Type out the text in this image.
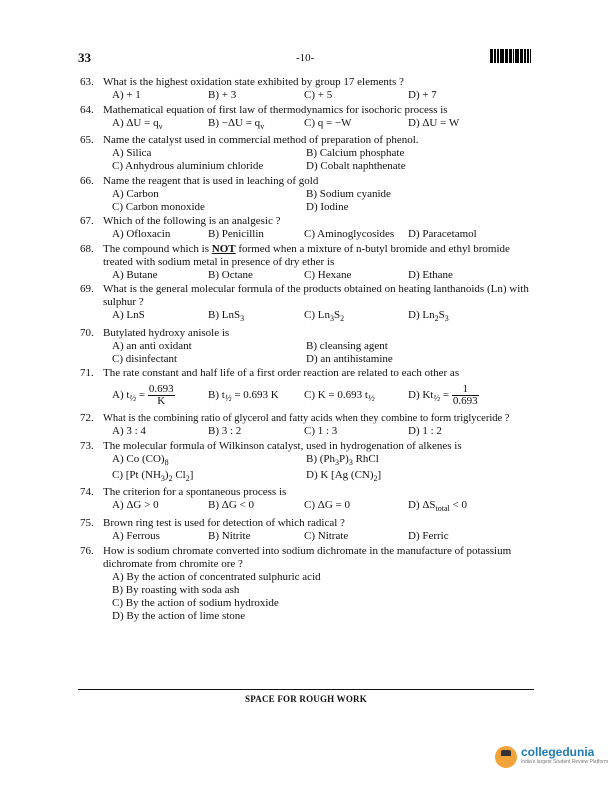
33	-10-
63. What is the highest oxidation state exhibited by group 17 elements ?
A) + 1	B) + 3	C) + 5	D) + 7
64. Mathematical equation of first law of thermodynamics for isochoric process is
A) $\Delta U = q_v$	$B) -\Delta U = q_v$	C) q = −W	D) ΔU = W
65. Name the catalyst used in commercial method of preparation of phenol.
A) Silica	B) Calcium phosphate
C) Anhydrous aluminium chloride	D) Cobalt naphthenate
66. Name the reagent that is used in leaching of gold
A) Carbon	B) Sodium cyanide
C) Carbon monoxide	D) Iodine
67. Which of the following is an analgesic ?
A) Ofloxacin	B) Penicillin	C) Aminoglycosides	D) Paracetamol
68. The compound which is NOT formed when a mixture of n-butyl bromide and ethyl bromide treated with sodium metal in presence of dry ether is
A) Butane	B) Octane	C) Hexane	D) Ethane
69. What is the general molecular formula of the products obtained on heating lanthanoids (Ln) with sulphur ?
A) LnS	B) LnS$_3$	C) $Ln_3S_2$	D) $Ln_2S_3$
70. Butylated hydroxy anisole is
A) an anti oxidant	B) cleansing agent
C) disinfectant	D) an antihistamine
71. The rate constant and half life of a first order reaction are related to each other as
A) $t_{\frac{1}{2}} = \frac{0.693}{K}$	B) $t_{\frac{1}{2}} = 0.693$ K	C) K = 0.693 $t_{\frac{1}{2}}$	D) $Kt_{\frac{1}{2}} = \frac{1}{0.693}$
72. What is the combining ratio of glycerol and fatty acids when they combine to form triglyceride ?
A) 3 : 4	B) 3 : 2	C) 1 : 3	D) 1 : 2
73. The molecular formula of Wilkinson catalyst, used in hydrogenation of alkenes is
A) Co $(CO)_8$	B) $(Ph_3P)_3$ RhCl
C) [Pt $(NH_3)_2$ $Cl_2$]	D) K [Ag $(CN)_2$]
74. The criterion for a spontaneous process is
A) ΔG > 0	B) ΔG < 0	C) ΔG = 0	D) $\Delta S_{total} < 0$
75. Brown ring test is used for detection of which radical ?
A) Ferrous	B) Nitrite	C) Nitrate	D) Ferric
76. How is sodium chromate converted into sodium dichromate in the manufacture of potassium dichromate from chromite ore ?
A) By the action of concentrated sulphuric acid
B) By roasting with soda ash
C) By the action of sodium hydroxide
D) By the action of lime stone
SPACE FOR ROUGH WORK
collegedunia
India's largest Student Review Platform
